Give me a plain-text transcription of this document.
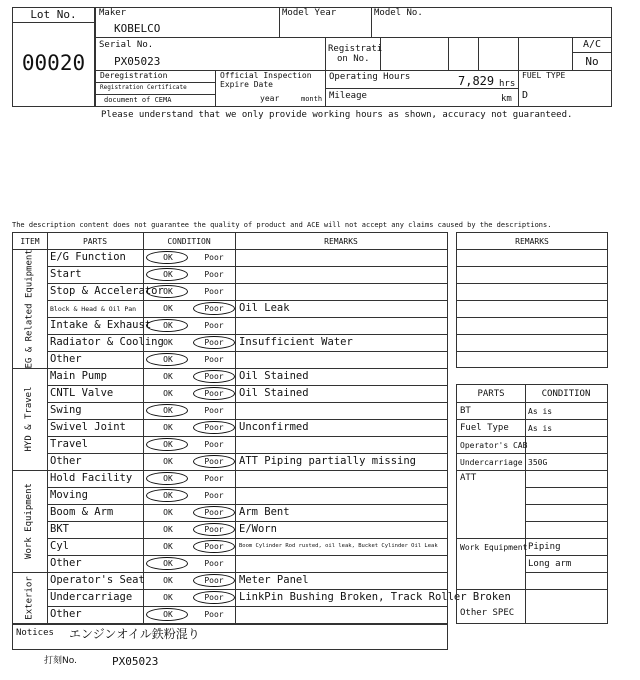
Lot No.
00020
Maker
KOBELCO
Model Year	Model No.
Serial No.
PX05023
Registrati
on No.
A/C
No
Deregistration
Registration Certificate
document of CEMA
Official Inspection
Expire Date
year	month
Operating Hours	7,829 hrs
Mileage	km
FUEL TYPE
D
Please understand that we only provide working hours as shown, accuracy not guaranteed.
The description content does not guarantee the quality of product and ACE will not accept any claims caused by the descriptions.
ITEM	PARTS	CONDITION	REMARKS
E/G Function	OK	Poor
Start	OK	Poor
Stop & Accelerator OK	Poor
Block & Head & Oil Pan	OK	Poor	Oil Leak
Intake & Exhaust	OK	Poor
Radiator & Cooling OK	Poor	Insufficient Water
Other	OK	Poor
EG & Related Equipment
Main Pump	OK	Poor	Oil Stained
CNTL Valve	OK	Poor	Oil Stained
Swing	OK	Poor
Swivel Joint	OK	Poor	Unconfirmed
Travel	OK	Poor
Other	OK	Poor	ATT Piping partially missing
HYD & Travel
Hold Facility	OK	Poor
Moving	OK	Poor
Boom & Arm	OK	Poor	Arm Bent
BKT	OK	Poor	E/Worn
Cyl	OK	Poor	Boom Cylinder Rod rusted, oil leak, Bucket Cylinder Oil Leak
Other	OK	Poor
Work Equipment
Operator's Seat	OK	Poor	Meter Panel
Undercarriage	OK	Poor	LinkPin Bushing Broken, Track Roller Broken
Other	OK	Poor
Exterior
REMARKS
PARTS	CONDITION
BT	As is
Fuel Type As is
Operator's CAB
Undercarriage 350G
ATT
Work Equipment Piping
Long arm
Other SPEC
Notices エンジンオイル鉄粉混り
打刻No.	PX05023
